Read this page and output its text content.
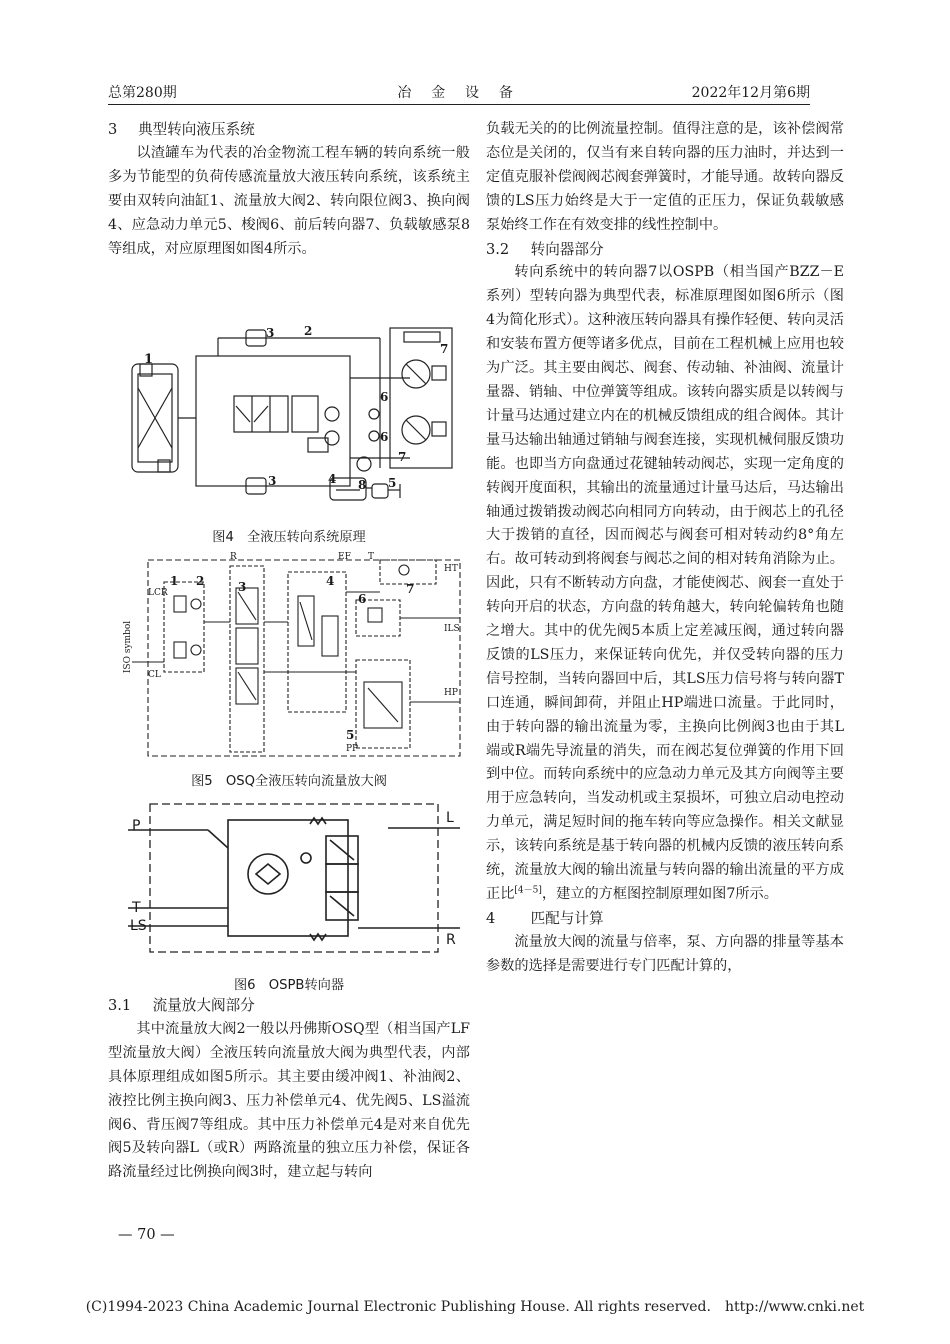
总第280期	冶 金 设 备	2022年12月第6期
3 典型转向液压系统

以渣罐车为代表的冶金物流工程车辆的转向系统一般多为节能型的负荷传感流量放大液压转向系统，该系统主要由双转向油缸1、流量放大阀2、转向限位阀3、换向阀4、应急动力单元5、梭阀6、前后转向器7、负载敏感泵8等组成，对应原理图如图4所示。

1
2
3
3	4	5
6
7
8
6
7
图4　全液压转向系统原理
1 2	3	4
5
6
7
ISO symbol
LCR
CL
ILS
HP
HT
PP
R	EF T
图5　OSQ全液压转向流量放大阀
P
T
LS
L
R
图6　OSPB转向器
3.1　 流量放大阀部分

其中流量放大阀2一般以丹佛斯OSQ型（相当国产LF型流量放大阀）全液压转向流量放大阀为典型代表，内部具体原理组成如图5所示。其主要由缓冲阀1、补油阀2、液控比例主换向阀3、压力补偿单元4、优先阀5、LS溢流阀6、背压阀7等组成。其中压力补偿单元4是对来自优先阀5及转向器L（或R）两路流量的独立压力补偿，保证各路流量经过比例换向阀3时，建立起与转向

— 70 —

负载无关的的比例流量控制。值得注意的是，该补偿阀常态位是关闭的，仅当有来自转向器的压力油时，并达到一定值克服补偿阀阀芯阀套弹簧时，才能导通。故转向器反馈的LS压力始终是大于一定值的正压力，保证负载敏感泵始终工作在有效变排的线性控制中。

3.2　 转向器部分

转向系统中的转向器7以OSPB（相当国产BZZ－E系列）型转向器为典型代表，标准原理图如图6所示（图4为简化形式）。这种液压转向器具有操作轻便、转向灵活和安装布置方便等诸多优点，目前在工程机械上应用也较为广泛。其主要由阀芯、阀套、传动轴、补油阀、流量计量器、销轴、中位弹簧等组成。该转向器实质是以转阀与计量马达通过建立内在的机械反馈组成的组合阀体。其计量马达输出轴通过销轴与阀套连接，实现机械伺服反馈功能。也即当方向盘通过花键轴转动阀芯，实现一定角度的转阀开度面积，其输出的流量通过计量马达后，马达输出轴通过拨销拨动阀芯向相同方向转动，由于阀芯上的孔径大于拨销的直径，因而阀芯与阀套可相对转动约8°角左右。故可转动到将阀套与阀芯之间的相对转角消除为止。因此，只有不断转动方向盘，才能使阀芯、阀套一直处于转向开启的状态，方向盘的转角越大，转向轮偏转角也随之增大。其中的优先阀5本质上定差减压阀，通过转向器反馈的LS压力，来保证转向优先，并仅受转向器的压力信号控制，当转向器回中后，其LS压力信号将与转向器T口连通，瞬间卸荷，并阻止HP端进口流量。于此同时，由于转向器的输出流量为零，主换向比例阀3也由于其L端或R端先导流量的消失，而在阀芯复位弹簧的作用下回到中位。而转向系统中的应急动力单元及其方向阀等主要用于应急转向，当发动机或主泵损坏，可独立启动电控动力单元，满足短时间的拖车转向等应急操作。相关文献显示，该转向系统是基于转向器的机械内反馈的液压转向系统，流量放大阀的输出流量与转向器的输出流量的平方成正比[4－5]，建立的方框图控制原理如图7所示。

4　 匹配与计算

流量放大阀的流量与倍率，泵、方向器的排量等基本参数的选择是需要进行专门匹配计算的，

(C)1994-2023 China Academic Journal Electronic Publishing House. All rights reserved.　http://www.cnki.net
